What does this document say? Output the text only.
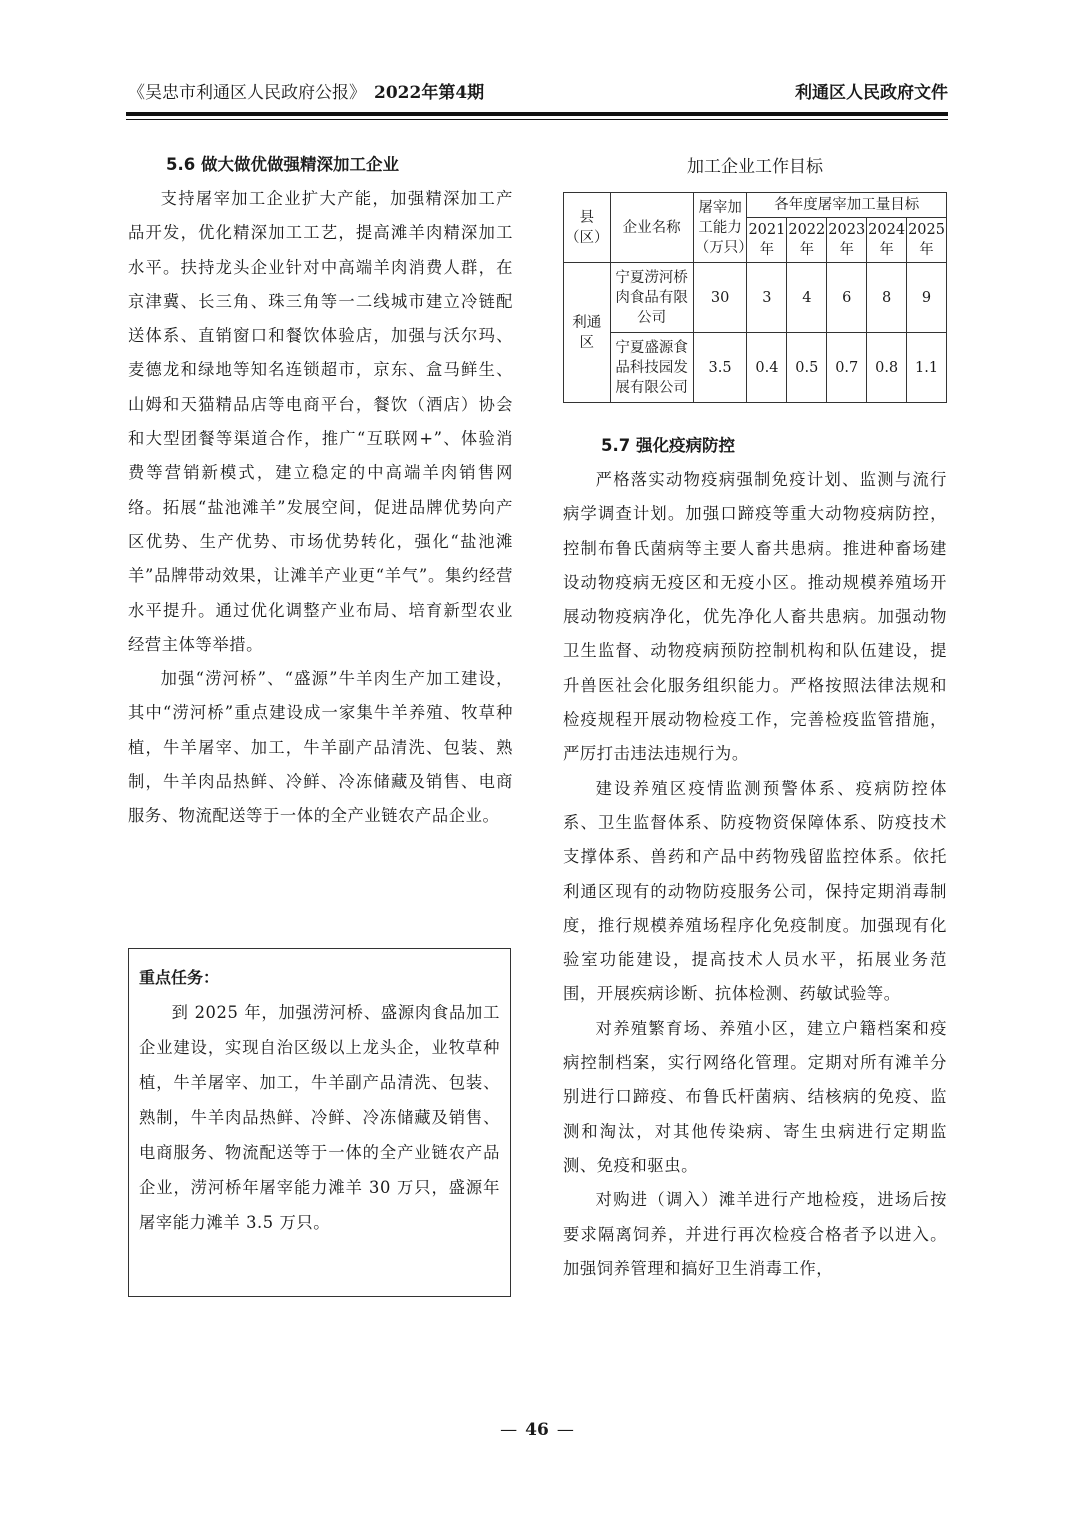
《吴忠市利通区人民政府公报》 2022年第4期	利通区人民政府文件
5.6 做大做优做强精深加工企业

支持屠宰加工企业扩大产能，加强精深加工产品开发，优化精深加工工艺，提高滩羊肉精深加工水平。扶持龙头企业针对中高端羊肉消费人群，在京津冀、长三角、珠三角等一二线城市建立冷链配送体系、直销窗口和餐饮体验店，加强与沃尔玛、麦德龙和绿地等知名连锁超市，京东、盒马鲜生、山姆和天猫精品店等电商平台，餐饮（酒店）协会和大型团餐等渠道合作，推广“互联网+”、体验消费等营销新模式，建立稳定的中高端羊肉销售网络。拓展“盐池滩羊”发展空间，促进品牌优势向产区优势、生产优势、市场优势转化，强化“盐池滩羊”品牌带动效果，让滩羊产业更“羊气”。集约经营水平提升。通过优化调整产业布局、培育新型农业经营主体等举措。

加强“涝河桥”、“盛源”牛羊肉生产加工建设，其中“涝河桥”重点建设成一家集牛羊养殖、牧草种植，牛羊屠宰、加工，牛羊副产品清洗、包装、熟制，牛羊肉品热鲜、冷鲜、冷冻储藏及销售、电商服务、物流配送等于一体的全产业链农产品企业。

重点任务：

到 2025 年，加强涝河桥、盛源肉食品加工企业建设，实现自治区级以上龙头企，业牧草种植，牛羊屠宰、加工，牛羊副产品清洗、包装、熟制，牛羊肉品热鲜、冷鲜、冷冻储藏及销售、电商服务、物流配送等于一体的全产业链农产品企业，涝河桥年屠宰能力滩羊 30 万只，盛源年屠宰能力滩羊 3.5 万只。

加工企业工作目标
县（区）	企业名称	屠宰加工能力（万只）	各年度屠宰加工量目标				
			2021年	2022年	2023年	2024年	2025年
利通区	宁夏涝河桥肉食品有限公司	30	3	4	6	8	9
	宁夏盛源食品科技园发展有限公司	3.5	0.4	0.5	0.7	0.8	1.1
5.7 强化疫病防控

严格落实动物疫病强制免疫计划、监测与流行病学调查计划。加强口蹄疫等重大动物疫病防控，控制布鲁氏菌病等主要人畜共患病。推进种畜场建设动物疫病无疫区和无疫小区。推动规模养殖场开展动物疫病净化，优先净化人畜共患病。加强动物卫生监督、动物疫病预防控制机构和队伍建设，提升兽医社会化服务组织能力。严格按照法律法规和检疫规程开展动物检疫工作，完善检疫监管措施，严厉打击违法违规行为。

建设养殖区疫情监测预警体系、疫病防控体系、卫生监督体系、防疫物资保障体系、防疫技术支撑体系、兽药和产品中药物残留监控体系。依托利通区现有的动物防疫服务公司，保持定期消毒制度，推行规模养殖场程序化免疫制度。加强现有化验室功能建设，提高技术人员水平，拓展业务范围，开展疾病诊断、抗体检测、药敏试验等。

对养殖繁育场、养殖小区，建立户籍档案和疫病控制档案，实行网络化管理。定期对所有滩羊分别进行口蹄疫、布鲁氏杆菌病、结核病的免疫、监测和淘汰，对其他传染病、寄生虫病进行定期监测、免疫和驱虫。

对购进（调入）滩羊进行产地检疫，进场后按要求隔离饲养，并进行再次检疫合格者予以进入。加强饲养管理和搞好卫生消毒工作，

— 46 —
